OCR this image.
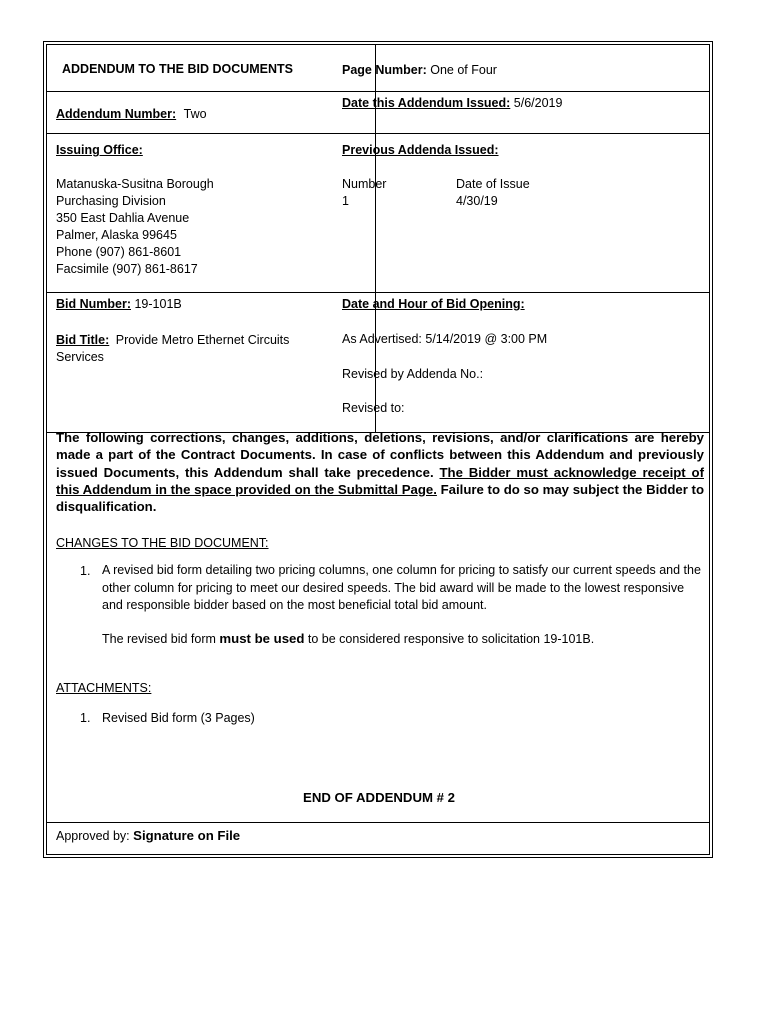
ADDENDUM TO THE BID DOCUMENTS	Page Number: One of Four
Addendum Number: Two
Date this Addendum Issued: 5/6/2019
Issuing Office:
Matanuska-Susitna Borough
Purchasing Division
350 East Dahlia Avenue
Palmer, Alaska 99645
Phone (907) 861-8601
Facsimile (907) 861-8617
Previous Addenda Issued:
Number	Date of Issue
1	4/30/19
Bid Number: 19-101B
Bid Title: Provide Metro Ethernet Circuits
Services
Date and Hour of Bid Opening:
As Advertised: 5/14/2019 @ 3:00 PM
Revised by Addenda No.:
Revised to:
The following corrections, changes, additions, deletions, revisions, and/or clarifications are hereby made a part of the Contract Documents. In case of conflicts between this Addendum and previously issued Documents, this Addendum shall take precedence. The Bidder must acknowledge receipt of this Addendum in the space provided on the Submittal Page. Failure to do so may subject the Bidder to disqualification.
CHANGES TO THE BID DOCUMENT:
1. A revised bid form detailing two pricing columns, one column for pricing to satisfy our current speeds and the other column for pricing to meet our desired speeds. The bid award will be made to the lowest responsive and responsible bidder based on the most beneficial total bid amount.
The revised bid form must be used to be considered responsive to solicitation 19-101B.
ATTACHMENTS:
1. Revised Bid form (3 Pages)
END OF ADDENDUM # 2
Approved by: Signature on File
